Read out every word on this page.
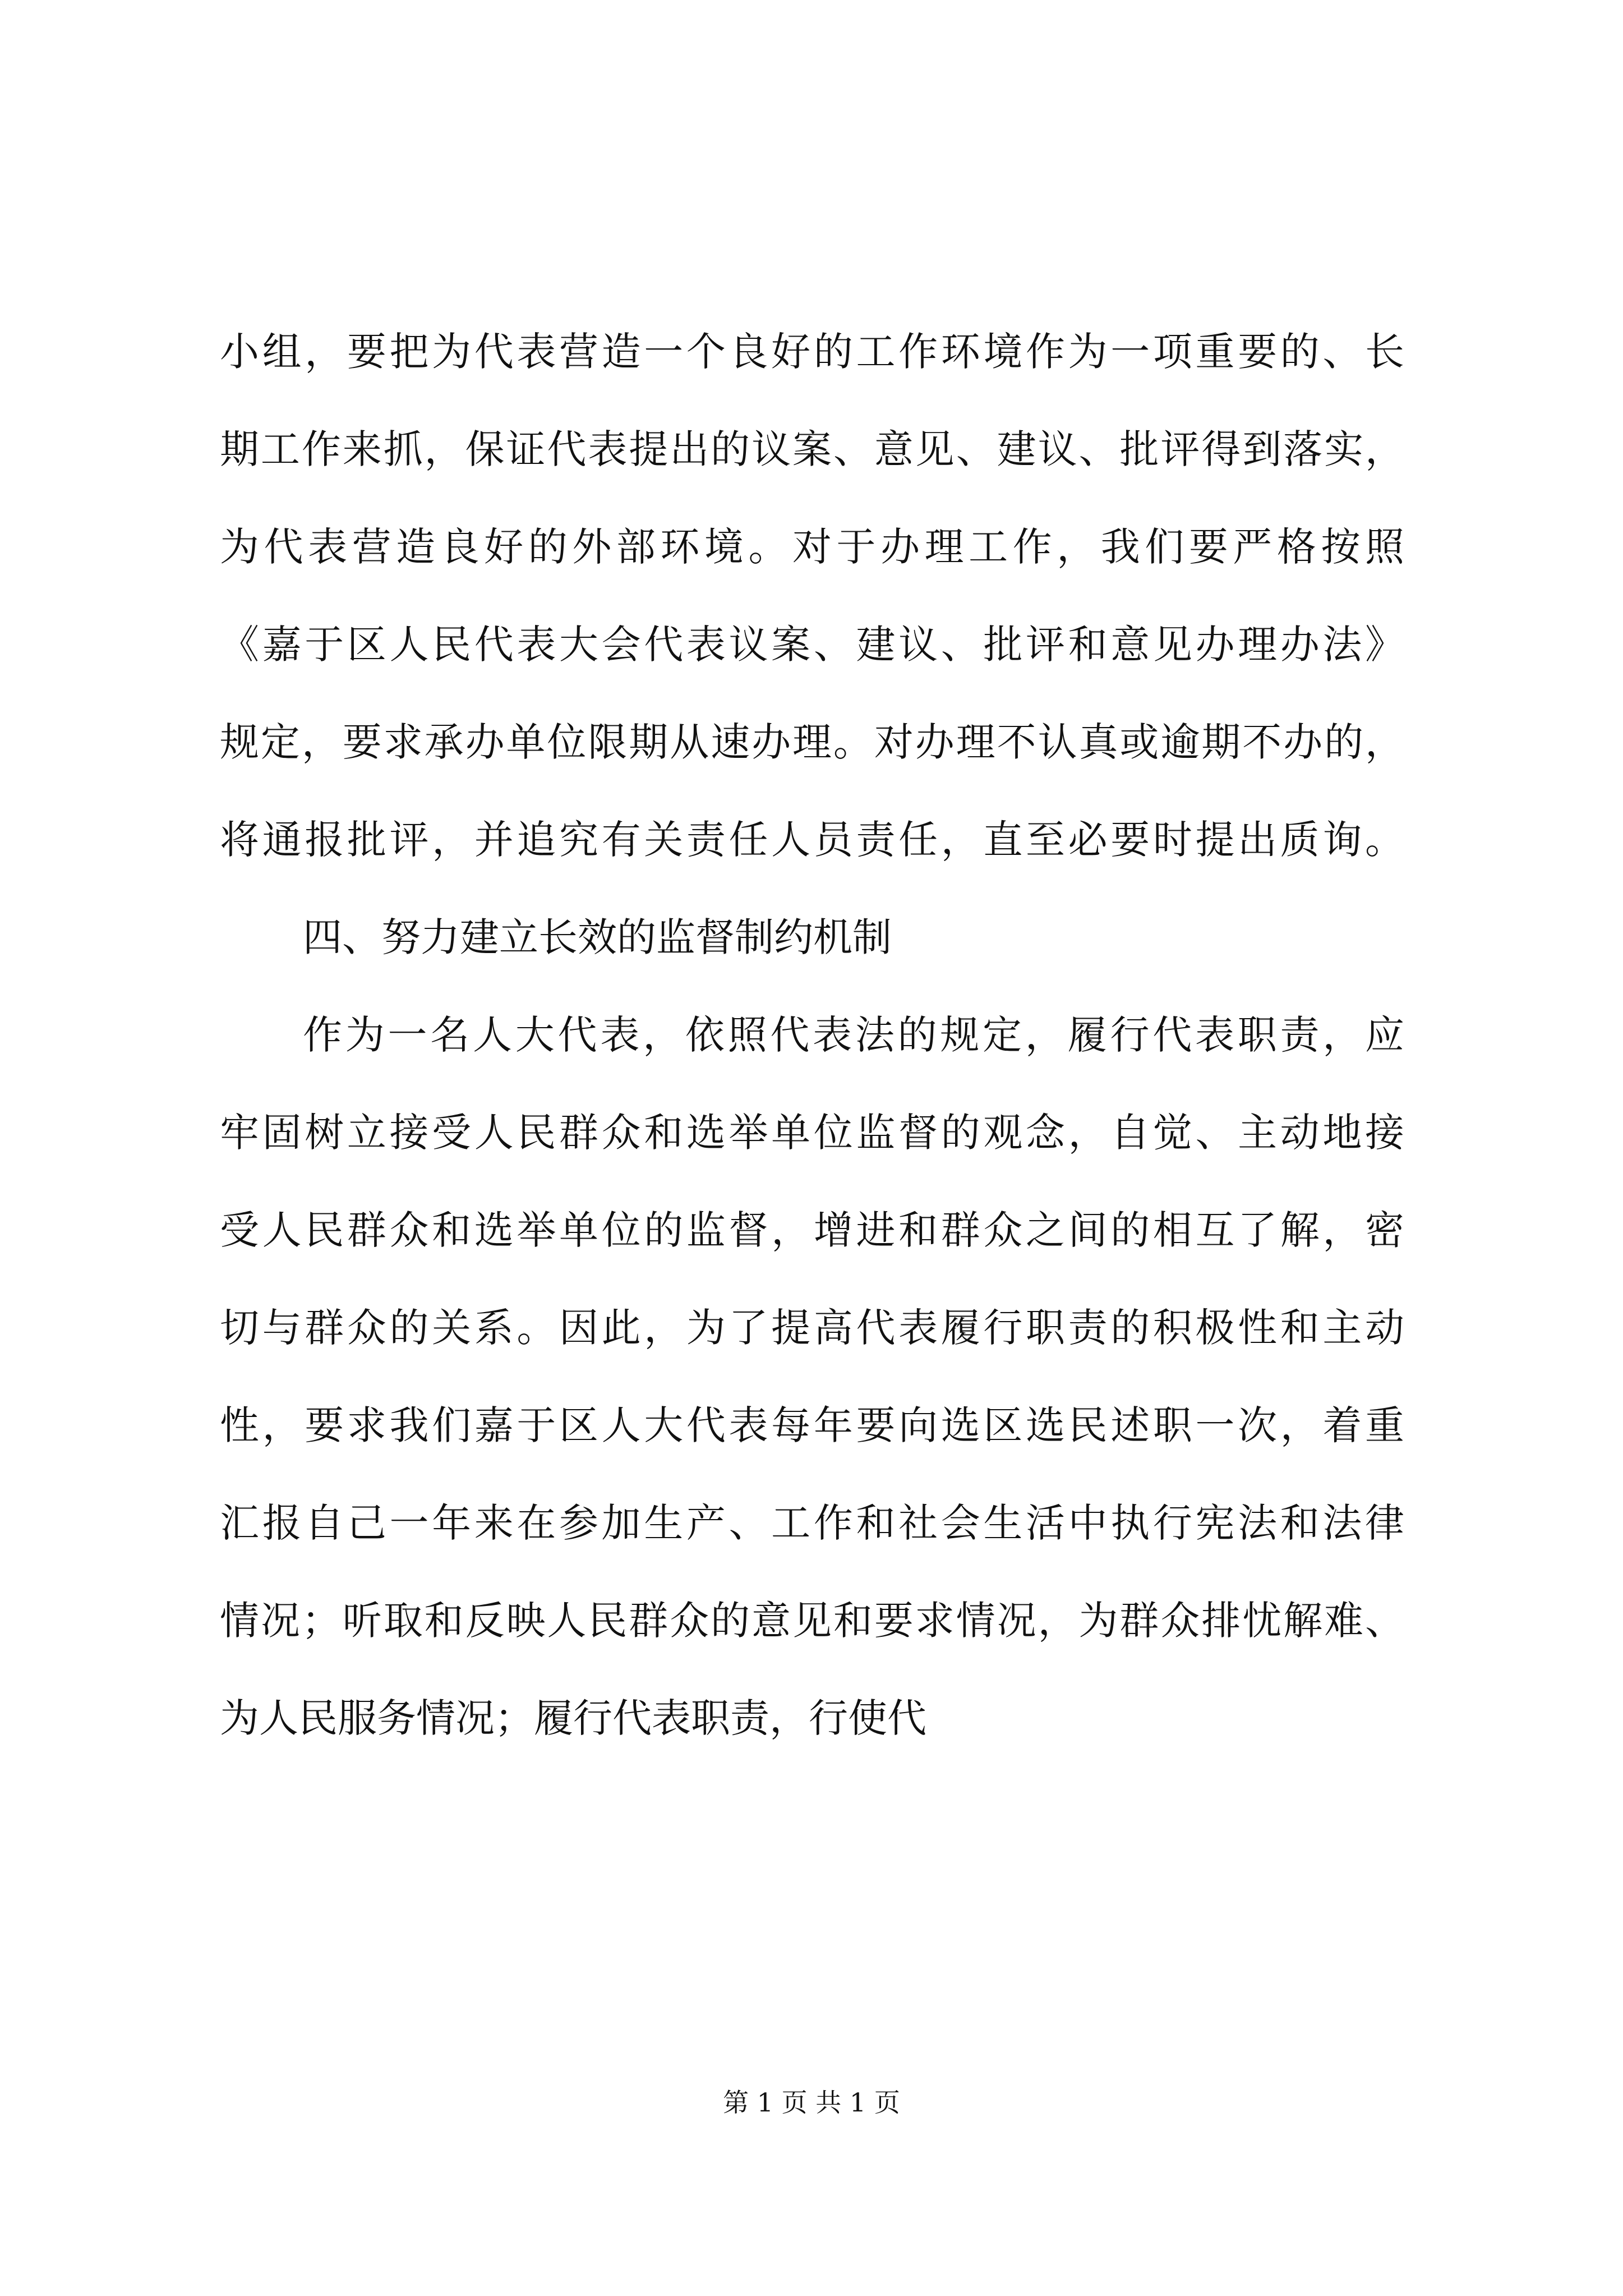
小组，要把为代表营造一个良好的工作环境作为一项重要的、长
期工作来抓，保证代表提出的议案、意见、建议、批评得到落实，
为代表营造良好的外部环境。对于办理工作，我们要严格按照
《嘉于区人民代表大会代表议案、建议、批评和意见办理办法》
规定，要求承办单位限期从速办理。对办理不认真或逾期不办的，
将通报批评，并追究有关责任人员责任，直至必要时提出质询。
四、努力建立长效的监督制约机制
作为一名人大代表，依照代表法的规定，履行代表职责，应
牢固树立接受人民群众和选举单位监督的观念，自觉、主动地接
受人民群众和选举单位的监督，增进和群众之间的相互了解，密
切与群众的关系。因此，为了提高代表履行职责的积极性和主动
性，要求我们嘉于区人大代表每年要向选区选民述职一次，着重
汇报自己一年来在参加生产、工作和社会生活中执行宪法和法律
情况；听取和反映人民群众的意见和要求情况，为群众排忧解难、
为人民服务情况；履行代表职责，行使代
第 1 页 共 1 页
